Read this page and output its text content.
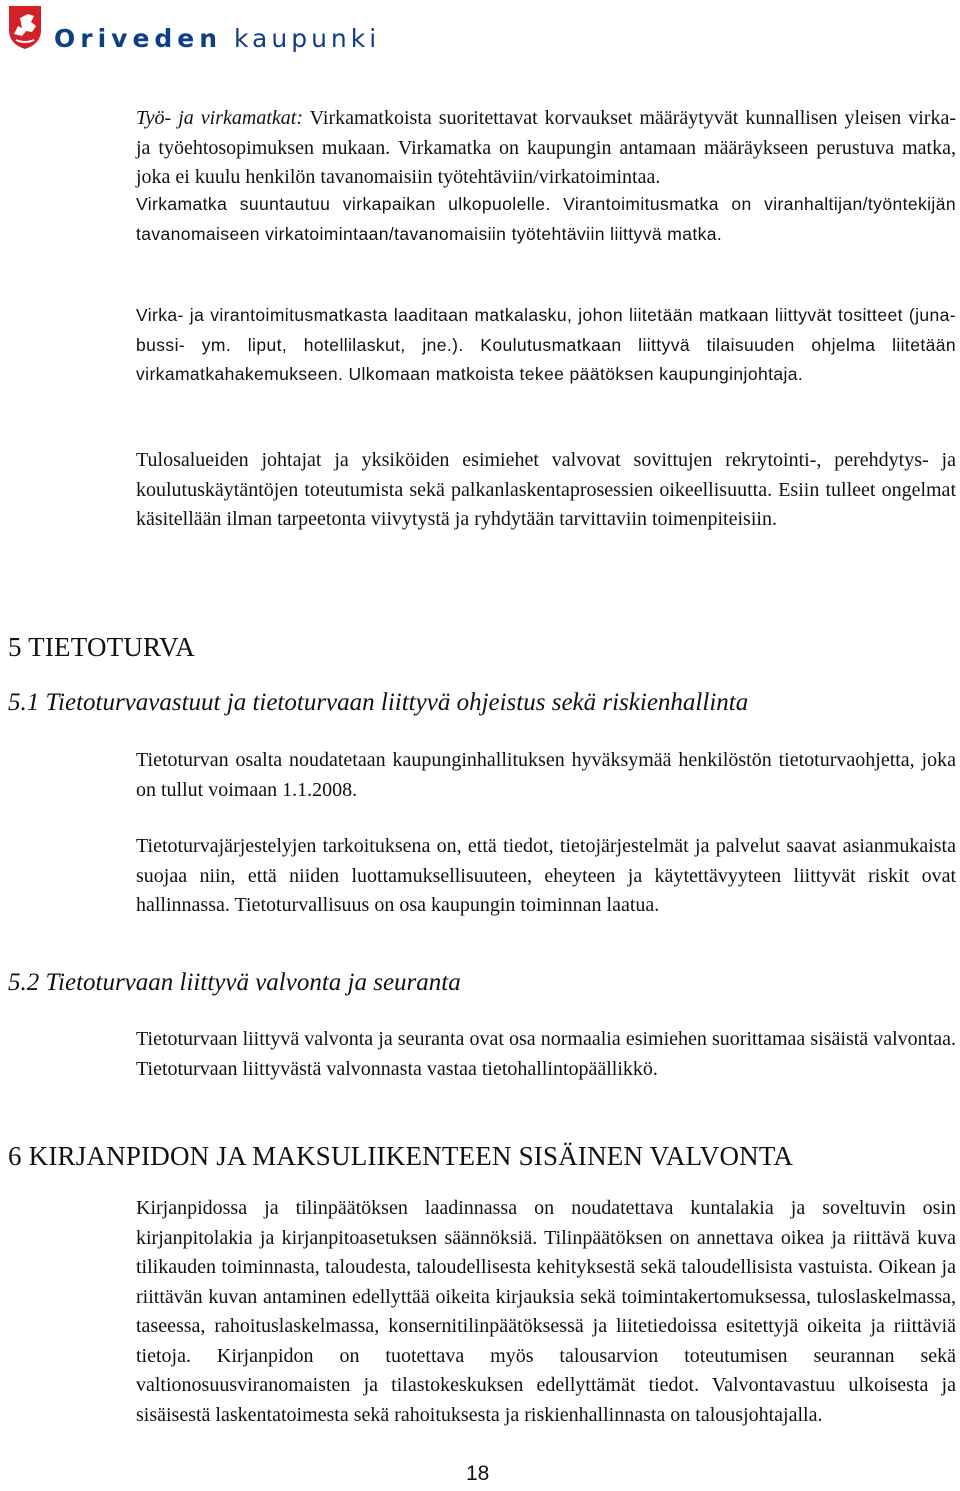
Oriveden kaupunki

Työ- ja virkamatkat: Virkamatkoista suoritettavat korvaukset määräytyvät kunnallisen yleisen virka- ja työehtosopimuksen mukaan. Virkamatka on kaupungin antamaan määräykseen perustuva matka, joka ei kuulu henkilön tavanomaisiin työtehtäviin/virkatoimintaa.

Virkamatka suuntautuu virkapaikan ulkopuolelle. Virantoimitusmatka on viranhaltijan/työntekijän tavanomaiseen virkatoimintaan/tavanomaisiin työtehtäviin liittyvä matka.

Virka- ja virantoimitusmatkasta laaditaan matkalasku, johon liitetään matkaan liittyvät tositteet (juna- bussi- ym. liput, hotellilaskut, jne.). Koulutusmatkaan liittyvä tilaisuuden ohjelma liitetään virkamatkahakemukseen. Ulkomaan matkoista tekee päätöksen kaupunginjohtaja.

Tulosalueiden johtajat ja yksiköiden esimiehet valvovat sovittujen rekrytointi-, perehdytys- ja koulutuskäytäntöjen toteutumista sekä palkanlaskentaprosessien oikeellisuutta. Esiin tulleet ongelmat käsitellään ilman tarpeetonta viivytystä ja ryhdytään tarvittaviin toimenpiteisiin.

5 TIETOTURVA
5.1 Tietoturvavastuut ja tietoturvaan liittyvä ohjeistus sekä riskienhallinta

Tietoturvan osalta noudatetaan kaupunginhallituksen hyväksymää henkilöstön tietoturvaohjetta, joka on tullut voimaan 1.1.2008.

Tietoturvajärjestelyjen tarkoituksena on, että tiedot, tietojärjestelmät ja palvelut saavat asianmukaista suojaa niin, että niiden luottamuksellisuuteen, eheyteen ja käytettävyyteen liittyvät riskit ovat hallinnassa. Tietoturvallisuus on osa kaupungin toiminnan laatua.

5.2 Tietoturvaan liittyvä valvonta ja seuranta

Tietoturvaan liittyvä valvonta ja seuranta ovat osa normaalia esimiehen suorittamaa sisäistä valvontaa. Tietoturvaan liittyvästä valvonnasta vastaa tietohallintopäällikkö.

6 KIRJANPIDON JA MAKSULIIKENTEEN SISÄINEN VALVONTA

Kirjanpidossa ja tilinpäätöksen laadinnassa on noudatettava kuntalakia ja soveltuvin osin kirjanpitolakia ja kirjanpitoasetuksen säännöksiä. Tilinpäätöksen on annettava oikea ja riittävä kuva tilikauden toiminnasta, taloudesta, taloudellisesta kehityksestä sekä taloudellisista vastuista. Oikean ja riittävän kuvan antaminen edellyttää oikeita kirjauksia sekä toimintakertomuksessa, tuloslaskelmassa, taseessa, rahoituslaskelmassa, konsernitilinpäätöksessä ja liitetiedoissa esitettyjä oikeita ja riittäviä tietoja. Kirjanpidon on tuotettava myös talousarvion toteutumisen seurannan sekä valtionosuusviranomaisten ja tilastokeskuksen edellyttämät tiedot. Valvontavastuu ulkoisesta ja sisäisestä laskentatoimesta sekä rahoituksesta ja riskienhallinnasta on talousjohtajalla.

18
